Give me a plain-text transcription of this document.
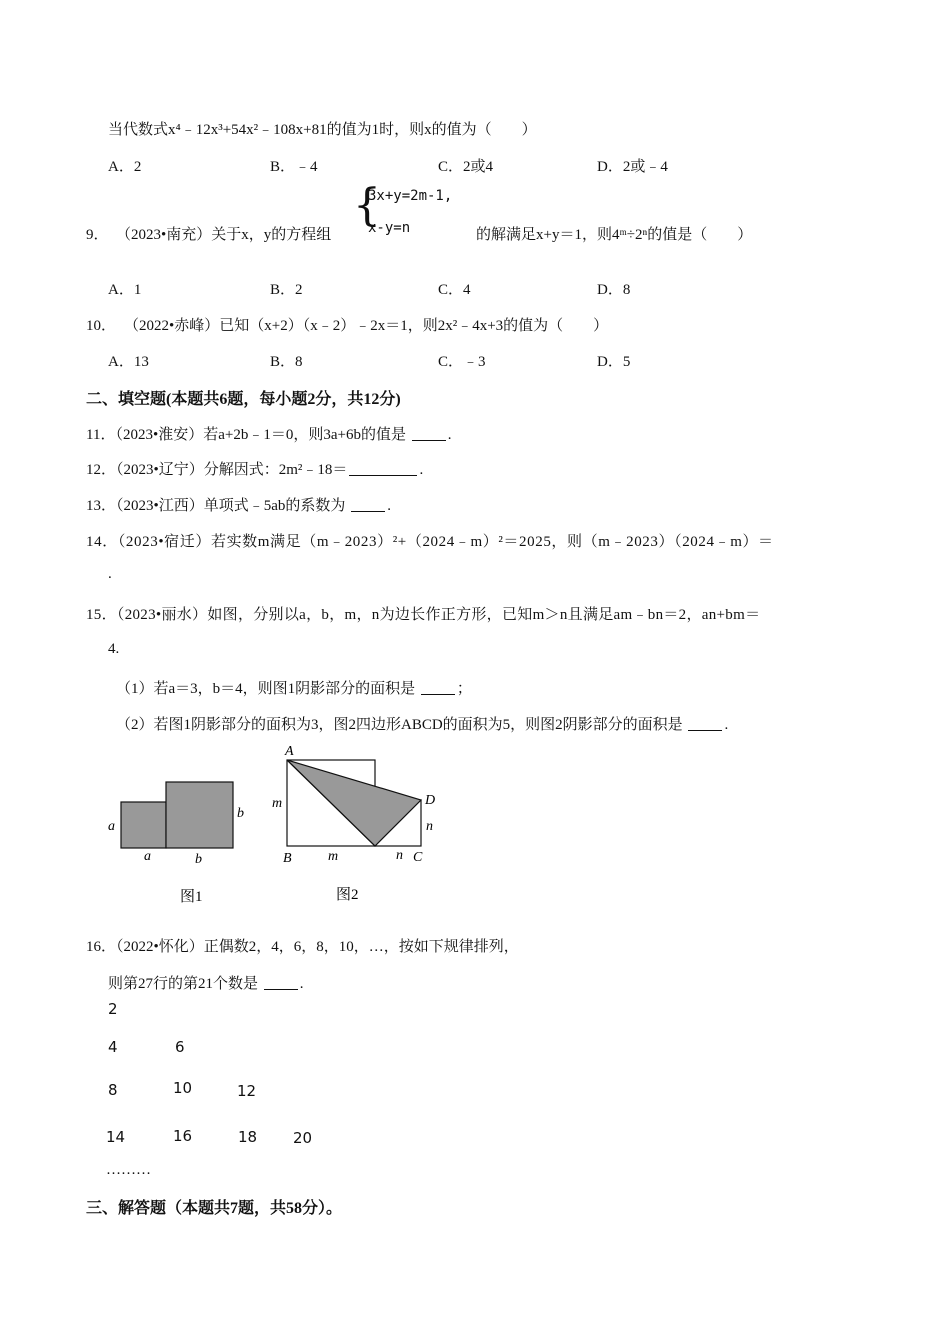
当代数式x⁴﹣12x³+54x²﹣108x+81的值为1时，则x的值为（　　）
A．2	B．﹣4	C．2或4	D．2或﹣4
9． （2023•南充）关于x，y的方程组
{
3x+y=2m-1,
x-y=n	的解满足x+y＝1，则4ᵐ÷2ⁿ的值是（　　）
A．1	B．2	C．4	D．8
10． （2022•赤峰）已知（x+2）（x﹣2）﹣2x＝1，则2x²﹣4x+3的值为（　　）
A．13	B．8	C．﹣3	D．5
二、填空题(本题共6题，每小题2分，共12分)
11．（2023•淮安）若a+2b﹣1＝0，则3a+6b的值是	.
12．（2023•辽宁）分解因式：2m²﹣18＝	.
13．（2023•江西）单项式﹣5ab的系数为	.
14．（2023•宿迁）若实数m满足（m﹣2023）²+（2024﹣m）²＝2025，则（m﹣2023）（2024﹣m）＝
.
15．（2023•丽水）如图，分别以a，b，m，n为边长作正方形，已知m＞n且满足am﹣bn＝2，an+bm＝
4.
（1）若a＝3，b＝4，则图1阴影部分的面积是	；
（2）若图1阴影部分的面积为3，图2四边形ABCD的面积为5，则图2阴影部分的面积是	.
a
a
b
b
图1
A
B	C
D
m
m
n
n
图2
16．（2022•怀化）正偶数2，4，6，8，10，…，按如下规律排列，
则第27行的第21个数是	.
2
4	6
8	10	12
14	16	18 20
………
三、解答题（本题共7题，共58分）。
